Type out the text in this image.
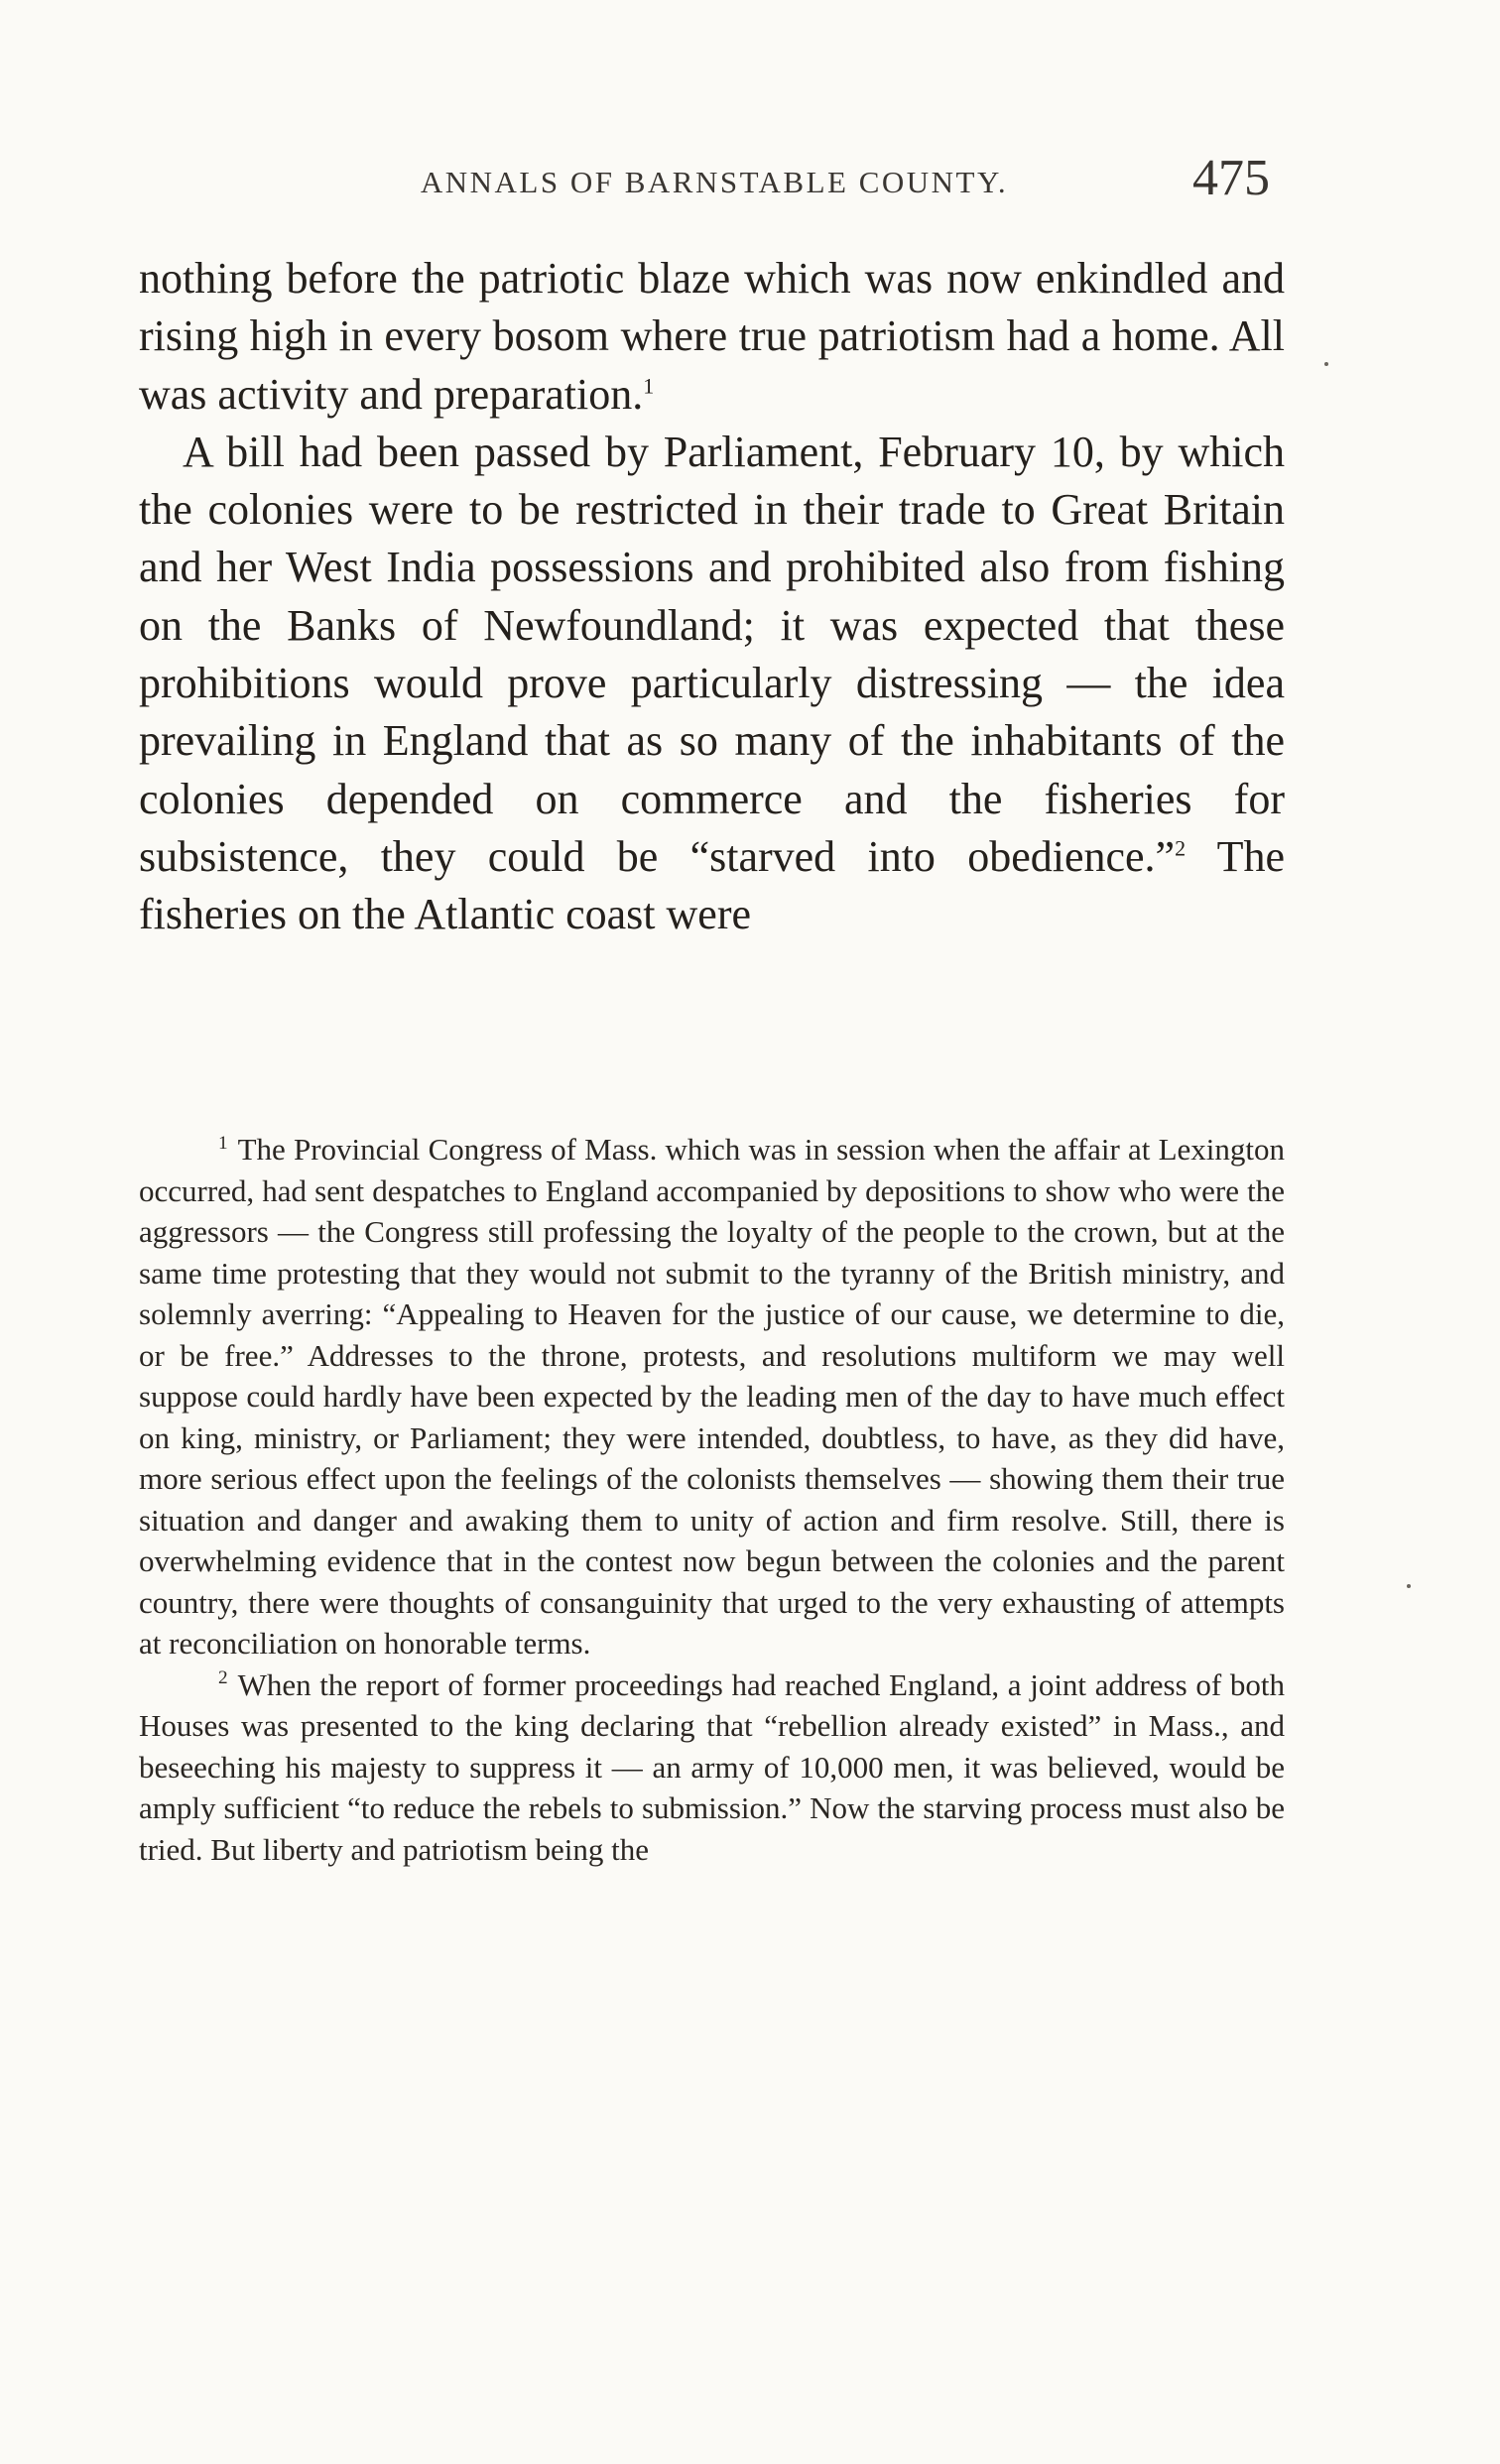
ANNALS OF BARNSTABLE COUNTY.	475

nothing before the patriotic blaze which was now enkindled and rising high in every bosom where true patriotism had a home. All was activity and preparation.$^1$

A bill had been passed by Parliament, February 10, by which the colonies were to be restricted in their trade to Great Britain and her West India possessions and prohibited also from fishing on the Banks of Newfoundland; it was expected that these prohibitions would prove particularly distressing — the idea prevailing in England that as so many of the inhabitants of the colonies depended on commerce and the fisheries for subsistence, they could be “starved into obedience.”$^2$ The fisheries on the Atlantic coast were

1 The Provincial Congress of Mass. which was in session when the affair at Lexington occurred, had sent despatches to England accompanied by depositions to show who were the aggressors — the Congress still professing the loyalty of the people to the crown, but at the same time protesting that they would not submit to the tyranny of the British ministry, and solemnly averring: “Appealing to Heaven for the justice of our cause, we determine to die, or be free.” Addresses to the throne, protests, and resolutions multiform we may well suppose could hardly have been expected by the leading men of the day to have much effect on king, ministry, or Parliament; they were intended, doubtless, to have, as they did have, more serious effect upon the feelings of the colonists themselves — showing them their true situation and danger and awaking them to unity of action and firm resolve. Still, there is overwhelming evidence that in the contest now begun between the colonies and the parent country, there were thoughts of consanguinity that urged to the very exhausting of attempts at reconciliation on honorable terms.

2 When the report of former proceedings had reached England, a joint address of both Houses was presented to the king declaring that “rebellion already existed” in Mass., and beseeching his majesty to suppress it — an army of 10,000 men, it was believed, would be amply sufficient “to reduce the rebels to submission.” Now the starving process must also be tried. But liberty and patriotism being the
